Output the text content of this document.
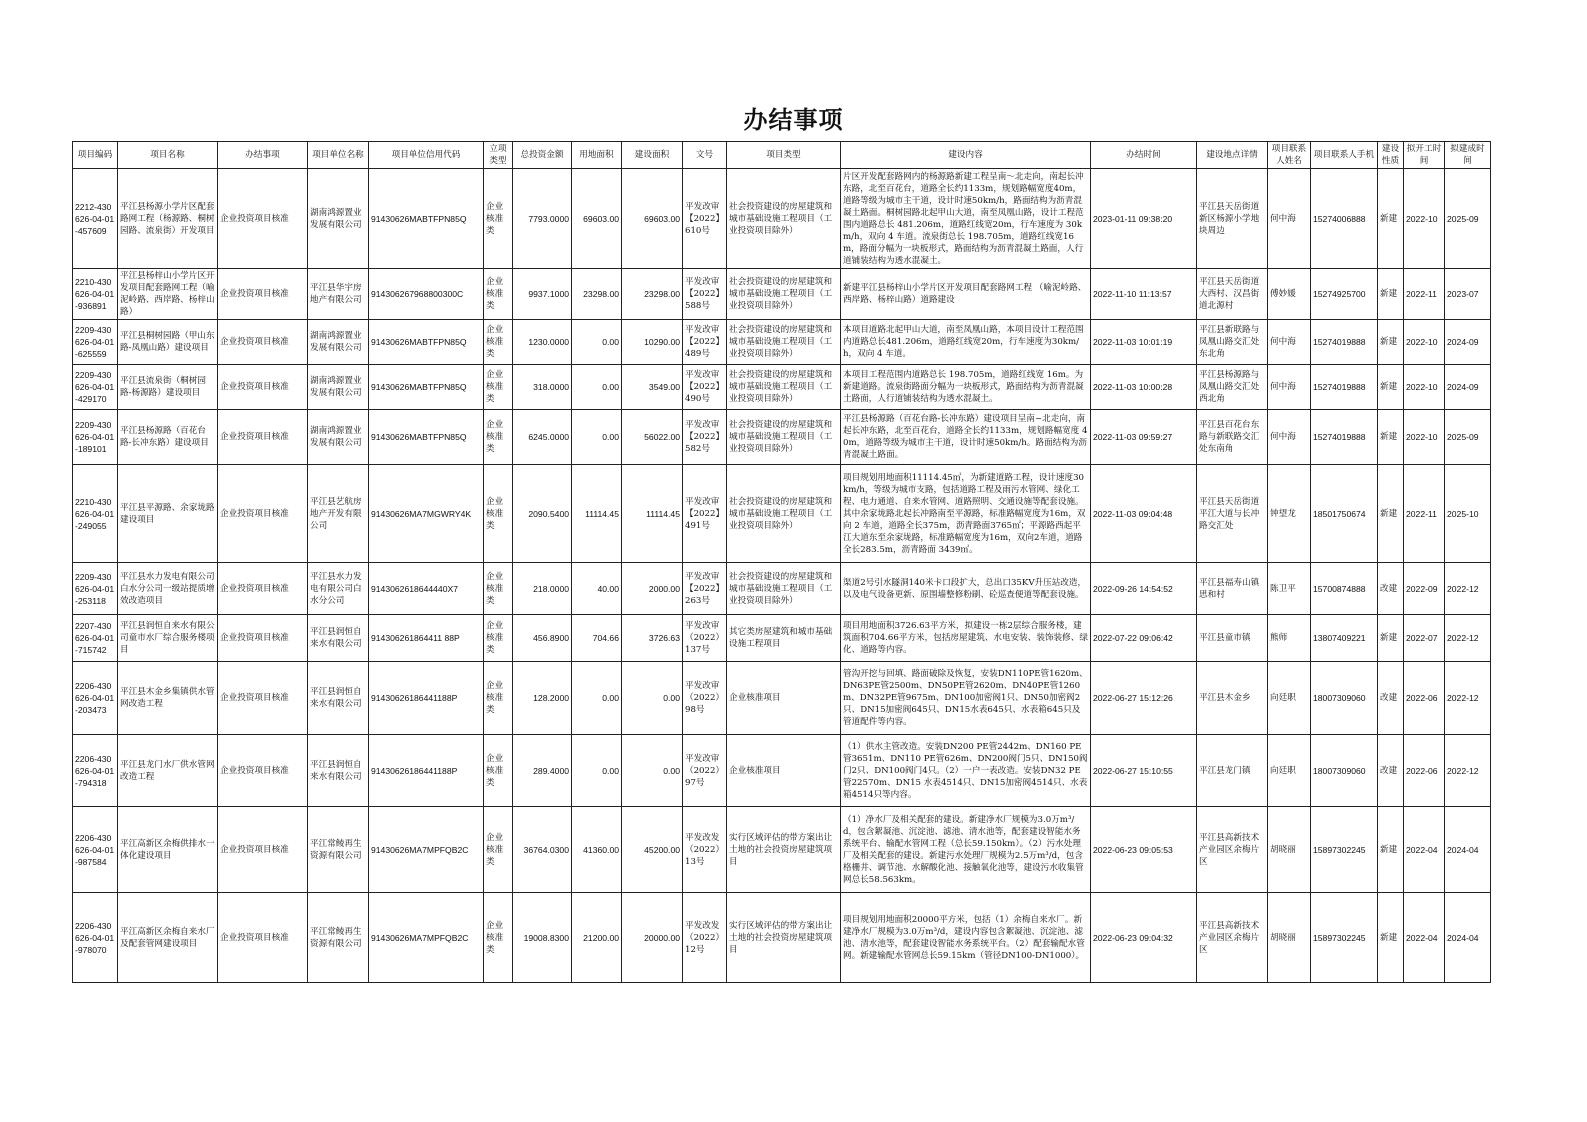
办结事项
项目编码	项目名称	办结事项	项目单位名称	项目单位信用代码	立项类型	总投资金额	用地面积	建设面积	文号	项目类型	建设内容	办结时间	建设地点详情	项目联系人姓名	项目联系人手机	建设性质	拟开工时间	拟建成时间
2212-430626-04-01-457609	平江县杨源小学片区配套路网工程（杨源路、桐树园路、流泉街）开发项目	企业投资项目核准	湖南鸿源置业发展有限公司	91430626MABTFPN85Q	企业核准类	7793.0000	69603.00	69603.00	平发改审【2022】610号	社会投资建设的房屋建筑和城市基础设施工程项目（工业投资项目除外）	片区开发配套路网内的杨源路新建工程呈南～北走向，南起长冲东路，北至百花台，道路全长约1133m，规划路幅宽度40m，道路等级为城市主干道，设计时速50km/h，路面结构为沥青混凝土路面。桐树园路北起甲山大道，南至凤凰山路，设计工程范围内道路总长 481.206m，道路红线宽20m，行车速度为 30km/h，双向 4 车道。流泉街总长 198.705m，道路红线宽16m，路面分幅为一块板形式，路面结构为沥青混凝土路面，人行道铺装结构为透水混凝土。	2023-01-11 09:38:20	平江县天岳街道新区杨源小学地块周边	何中海	15274006888	新建	2022-10	2025-09
2210-430626-04-01-936891	平江县杨梓山小学片区开发项目配套路网工程（喻泥岭路、西岸路、杨梓山路）	企业投资项目核准	平江县华宇房地产有限公司	914306267968800300C	企业核准类	9937.1000	23298.00	23298.00	平发改审【2022】588号	社会投资建设的房屋建筑和城市基础设施工程项目（工业投资项目除外）	新建平江县杨梓山小学片区开发项目配套路网工程 （喻泥岭路、西岸路、杨梓山路）道路建设	2022-11-10 11:13:57	平江县天岳街道大西村、汉昌街道北源村	傅妙媛	15274925700	新建	2022-11	2023-07
2209-430626-04-01-625559	平江县桐树园路（甲山东路-凤凰山路）建设项目	企业投资项目核准	湖南鸿源置业发展有限公司	91430626MABTFPN85Q	企业核准类	1230.0000	0.00	10290.00	平发改审【2022】489号	社会投资建设的房屋建筑和城市基础设施工程项目（工业投资项目除外）	本项目道路北起甲山大道，南至凤凰山路，本项目设计工程范围内道路总长481.206m，道路红线宽20m，行车速度为30km/h，双向 4 车道。	2022-11-03 10:01:19	平江县新联路与凤凰山路交汇处东北角	何中海	15274019888	新建	2022-10	2024-09
2209-430626-04-01-429170	平江县流泉街（桐树园路-杨源路）建设项目	企业投资项目核准	湖南鸿源置业发展有限公司	91430626MABTFPN85Q	企业核准类	318.0000	0.00	3549.00	平发改审【2022】490号	社会投资建设的房屋建筑和城市基础设施工程项目（工业投资项目除外）	本项目工程范围内道路总长 198.705m，道路红线宽 16m。为新建道路。流泉街路面分幅为一块板形式，路面结构为沥青混凝土路面，人行道铺装结构为透水混凝土。	2022-11-03 10:00:28	平江县杨源路与凤凰山路交汇处西北角	何中海	15274019888	新建	2022-10	2024-09
2209-430626-04-01-189101	平江县杨源路（百花台路-长冲东路）建设项目	企业投资项目核准	湖南鸿源置业发展有限公司	91430626MABTFPN85Q	企业核准类	6245.0000	0.00	56022.00	平发改审【2022】582号	社会投资建设的房屋建筑和城市基础设施工程项目（工业投资项目除外）	平江县杨源路（百花台路-长冲东路）建设项目呈南~北走向，南起长冲东路，北至百花台，道路全长约1133m，规划路幅宽度 40m，道路等级为城市主干道，设计时速50km/h。路面结构为沥青混凝土路面。	2022-11-03 09:59:27	平江县百花台东路与新联路交汇处东南角	何中海	15274019888	新建	2022-10	2025-09
2210-430626-04-01-249055	平江县平源路、余家垅路建设项目	企业投资项目核准	平江县艺航房地产开发有限公司	91430626MA7MGWRY4K	企业核准类	2090.5400	11114.45	11114.45	平发改审【2022】491号	社会投资建设的房屋建筑和城市基础设施工程项目（工业投资项目除外）	项目规划用地面积11114.45㎡，为新建道路工程，设计速度30km/h，等级为城市支路，包括道路工程及雨污水管网、绿化工程、电力通道、自来水管网、道路照明、交通设施等配套设施。其中余家垅路北起长冲路南至平源路，标准路幅宽度为16m，双向 2 车道，道路全长375m，沥青路面3765㎡；平源路西起平江大道东至余家垅路，标准路幅宽度为16m，双向2车道，道路全长283.5m，沥青路面 3439㎡。	2022-11-03 09:04:48	平江县天岳街道平江大道与长冲路交汇处	钟望龙	18501750674	新建	2022-11	2025-10
2209-430626-04-01-253118	平江县水力发电有限公司白水分公司一级站提质增效改造项目	企业投资项目核准	平江县水力发电有限公司白水分公司	9143062618644440X7	企业核准类	218.0000	40.00	2000.00	平发改审【2022】263号	社会投资建设的房屋建筑和城市基础设施工程项目（工业投资项目除外）	渠道2号引水隧洞140米卡口段扩大，总出口35KV升压站改造，以及电气设备更新、原围墙整修粉刷、砼巡查便道等配套设施。	2022-09-26 14:54:52	平江县福寿山镇思和村	陈卫平	15700874888	改建	2022-09	2022-12
2207-430626-04-01-715742	平江县润恒自来水有限公司童市水厂综合服务楼项目	企业投资项目核准	平江县润恒自来水有限公司	914306261864411 88P	企业核准类	456.8900	704.66	3726.63	平发改审（2022）137号	其它类房屋建筑和城市基础设施工程项目	项目用地面积3726.63平方米，拟建设一栋2层综合服务楼，建筑面积704.66平方米，包括房屋建筑、水电安装、装饰装修、绿化、道路等内容。	2022-07-22 09:06:42	平江县童市镇	熊师	13807409221	新建	2022-07	2022-12
2206-430626-04-01-203473	平江县木金乡集镇供水管网改造工程	企业投资项目核准	平江县润恒自来水有限公司	91430626186441188P	企业核准类	128.2000	0.00	0.00	平发改审（2022）98号	企业核准项目	管沟开挖与回填、路面破除及恢复，安装DN110PE管1620m、DN63PE管2500m、DN50PE管2620m、DN40PE管1260m、DN32PE管9675m、DN100加密阀1只、DN50加密阀2只、DN15加密阀645只、DN15水表645只、水表箱645只及管道配件等内容。	2022-06-27 15:12:26	平江县木金乡	向廷职	18007309060	改建	2022-06	2022-12
2206-430626-04-01-794318	平江县龙门水厂供水管网改造工程	企业投资项目核准	平江县润恒自来水有限公司	91430626186441188P	企业核准类	289.4000	0.00	0.00	平发改审（2022）97号	企业核准项目	（1）供水主管改造。安装DN200 PE管2442m、DN160 PE管3651m、DN110 PE管626m、DN200阀门5只、DN150阀门2只、DN100阀门4只。（2）一户一表改造。安装DN32 PE管22570m、DN15 水表4514只、DN15加密阀4514只、水表箱4514只等内容。	2022-06-27 15:10:55	平江县龙门镇	向廷职	18007309060	改建	2022-06	2022-12
2206-430626-04-01-987584	平江高新区余梅供排水一体化建设项目	企业投资项目核准	平江常鲮再生资源有限公司	91430626MA7MPFQB2C	企业核准类	36764.0300	41360.00	45200.00	平发改发（2022）13号	实行区域评估的带方案出让土地的社会投资房屋建筑项目	（1）净水厂及相关配套的建设。新建净水厂规模为3.0万m³/d，包含絮凝池、沉淀池、滤池、清水池等，配套建设智能水务系统平台、输配水管网工程（总长59.150km）。（2）污水处理厂及相关配套的建设。新建污水处理厂规模为2.5万m³/d，包含格栅井、调节池、水解酸化池、接触氧化池等，建设污水收集管网总长58.563km。	2022-06-23 09:05:53	平江县高新技术产业园区余梅片区	胡晓丽	15897302245	新建	2022-04	2024-04
2206-430626-04-01-978070	平江高新区余梅自来水厂及配套管网建设项目	企业投资项目核准	平江常鲮再生资源有限公司	91430626MA7MPFQB2C	企业核准类	19008.8300	21200.00	20000.00	平发改发（2022）12号	实行区域评估的带方案出让土地的社会投资房屋建筑项目	项目规划用地面积20000平方米，包括（1）余梅自来水厂。新建净水厂规模为3.0万m³/d，建设内容包含絮凝池、沉淀池、滤池、清水池等，配套建设智能水务系统平台。（2）配套输配水管网。新建输配水管网总长59.15km（管径DN100-DN1000）。	2022-06-23 09:04:32	平江县高新技术产业园区余梅片区	胡晓丽	15897302245	新建	2022-04	2024-04
